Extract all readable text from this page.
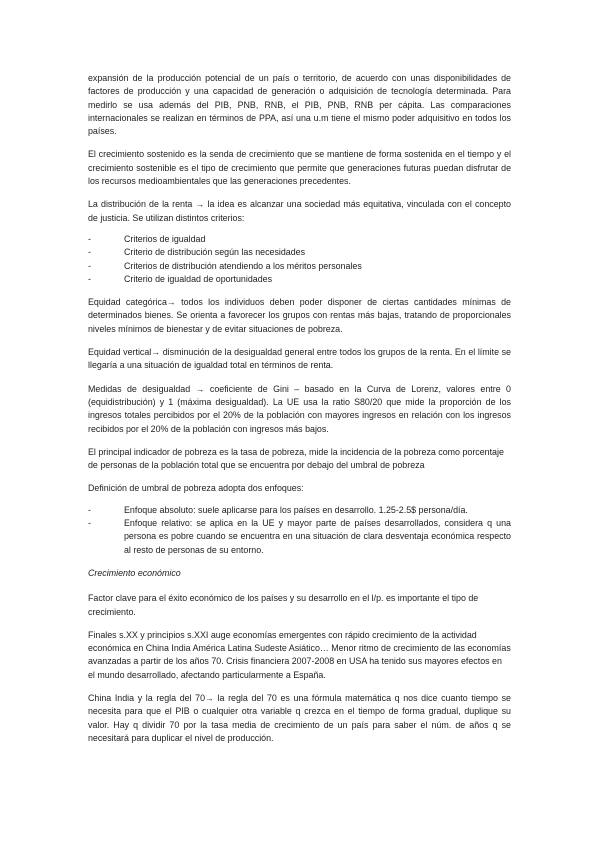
expansión de la producción potencial de un país o territorio, de acuerdo con unas disponibilidades de factores de producción y una capacidad de generación o adquisición de tecnología determinada. Para medirlo se usa además del PIB, PNB, RNB, el PIB, PNB, RNB per cápita. Las comparaciones internacionales se realizan en términos de PPA, así una u.m tiene el mismo poder adquisitivo en todos los países.

El crecimiento sostenido es la senda de crecimiento que se mantiene de forma sostenida en el tiempo y el crecimiento sostenible es el tipo de crecimiento que permite que generaciones futuras puedan disfrutar de los recursos medioambientales que las generaciones precedentes.

La distribución de la renta → la idea es alcanzar una sociedad más equitativa, vinculada con el concepto de justicia. Se utilizan distintos criterios:

-	Criterios de igualdad
-	Criterio de distribución según las necesidades
-	Criterios de distribución atendiendo a los méritos personales
-	Criterio de igualdad de oportunidades

Equidad categórica→ todos los individuos deben poder disponer de ciertas cantidades mínimas de determinados bienes. Se orienta a favorecer los grupos con rentas más bajas, tratando de proporcionales niveles mínimos de bienestar y de evitar situaciones de pobreza.

Equidad vertical→ disminución de la desigualdad general entre todos los grupos de la renta. En el límite se llegaría a una situación de igualdad total en términos de renta.

Medidas de desigualdad → coeficiente de Gini – basado en la Curva de Lorenz, valores entre 0 (equidistribución) y 1 (máxima desigualdad). La UE usa la ratio S80/20 que mide la proporción de los ingresos totales percibidos por el 20% de la población con mayores ingresos en relación con los ingresos recibidos por el 20% de la población con ingresos más bajos.

El principal indicador de pobreza es la tasa de pobreza, mide la incidencia de la pobreza como porcentaje de personas de la población total que se encuentra por debajo del umbral de pobreza

Definición de umbral de pobreza adopta dos enfoques:

-	Enfoque absoluto: suele aplicarse para los países en desarrollo. 1.25-2.5$ persona/día.
-	Enfoque relativo: se aplica en la UE y mayor parte de países desarrollados, considera q una persona es pobre cuando se encuentra en una situación de clara desventaja económica respecto al resto de personas de su entorno.

Crecimiento económico

Factor clave para el éxito económico de los países y su desarrollo en el l/p. es importante el tipo de crecimiento.

Finales s.XX y principios s.XXI auge economías emergentes con rápido crecimiento de la actividad económica en China India América Latina Sudeste Asiático… Menor ritmo de crecimiento de las economías avanzadas a partir de los años 70. Crisis financiera 2007-2008 en USA ha tenido sus mayores efectos en el mundo desarrollado, afectando particularmente a España.

China India y la regla del 70→ la regla del 70 es una fórmula matemática q nos dice cuanto tiempo se necesita para que el PIB o cualquier otra variable q crezca en el tiempo de forma gradual, duplique su valor. Hay q dividir 70 por la tasa media de crecimiento de un país para saber el núm. de años q se necesitará para duplicar el nivel de producción.
